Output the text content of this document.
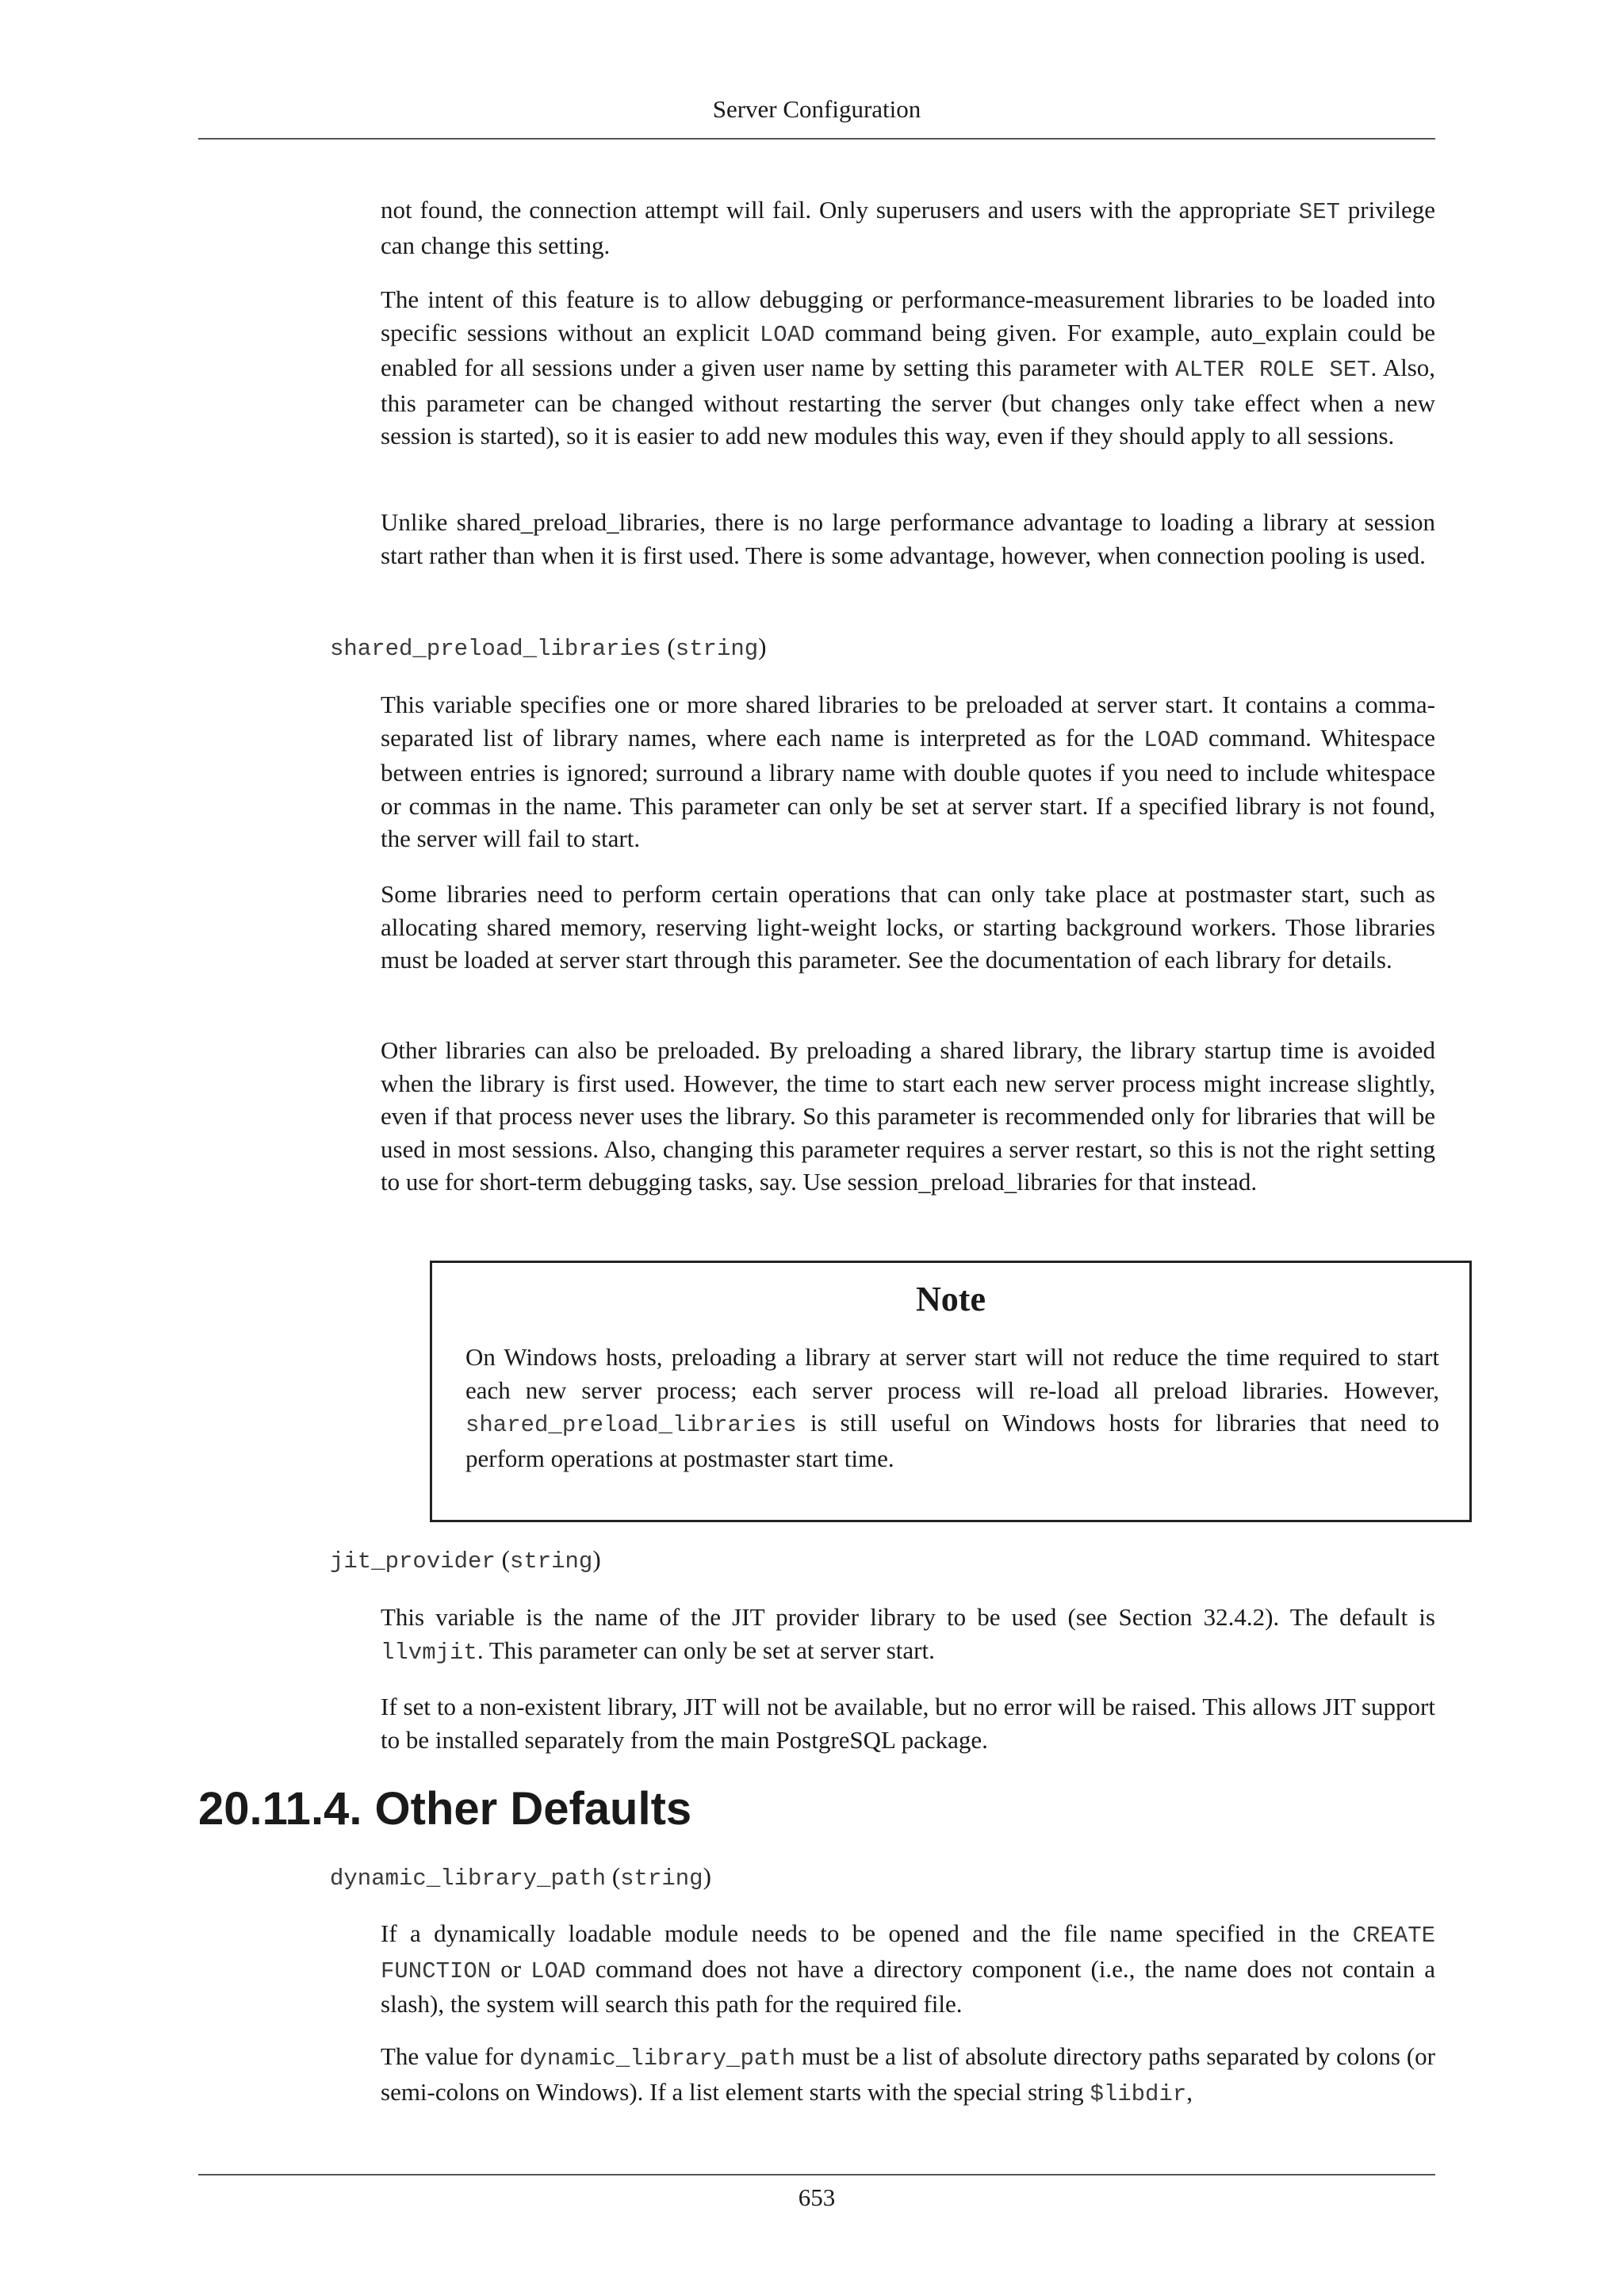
Server Configuration

not found, the connection attempt will fail. Only superusers and users with the appropriate SET privilege can change this setting.

The intent of this feature is to allow debugging or performance-measurement libraries to be loaded into specific sessions without an explicit LOAD command being given. For example, auto_explain could be enabled for all sessions under a given user name by setting this parameter with ALTER ROLE SET. Also, this parameter can be changed without restarting the server (but changes only take effect when a new session is started), so it is easier to add new modules this way, even if they should apply to all sessions.

Unlike shared_preload_libraries, there is no large performance advantage to loading a library at session start rather than when it is first used. There is some advantage, however, when connection pooling is used.

shared_preload_libraries (string)

This variable specifies one or more shared libraries to be preloaded at server start. It contains a comma-separated list of library names, where each name is interpreted as for the LOAD command. Whitespace between entries is ignored; surround a library name with double quotes if you need to include whitespace or commas in the name. This parameter can only be set at server start. If a specified library is not found, the server will fail to start.

Some libraries need to perform certain operations that can only take place at postmaster start, such as allocating shared memory, reserving light-weight locks, or starting background workers. Those libraries must be loaded at server start through this parameter. See the documentation of each library for details.

Other libraries can also be preloaded. By preloading a shared library, the library startup time is avoided when the library is first used. However, the time to start each new server process might increase slightly, even if that process never uses the library. So this parameter is recommended only for libraries that will be used in most sessions. Also, changing this parameter requires a server restart, so this is not the right setting to use for short-term debugging tasks, say. Use session_preload_libraries for that instead.

Note

On Windows hosts, preloading a library at server start will not reduce the time required to start each new server process; each server process will re-load all preload libraries. However, shared_preload_libraries is still useful on Windows hosts for libraries that need to perform operations at postmaster start time.

jit_provider (string)

This variable is the name of the JIT provider library to be used (see Section 32.4.2). The default is llvmjit. This parameter can only be set at server start.

If set to a non-existent library, JIT will not be available, but no error will be raised. This allows JIT support to be installed separately from the main PostgreSQL package.

20.11.4. Other Defaults

dynamic_library_path (string)

If a dynamically loadable module needs to be opened and the file name specified in the CREATE FUNCTION or LOAD command does not have a directory component (i.e., the name does not contain a slash), the system will search this path for the required file.

The value for dynamic_library_path must be a list of absolute directory paths separated by colons (or semi-colons on Windows). If a list element starts with the special string $libdir,

653
